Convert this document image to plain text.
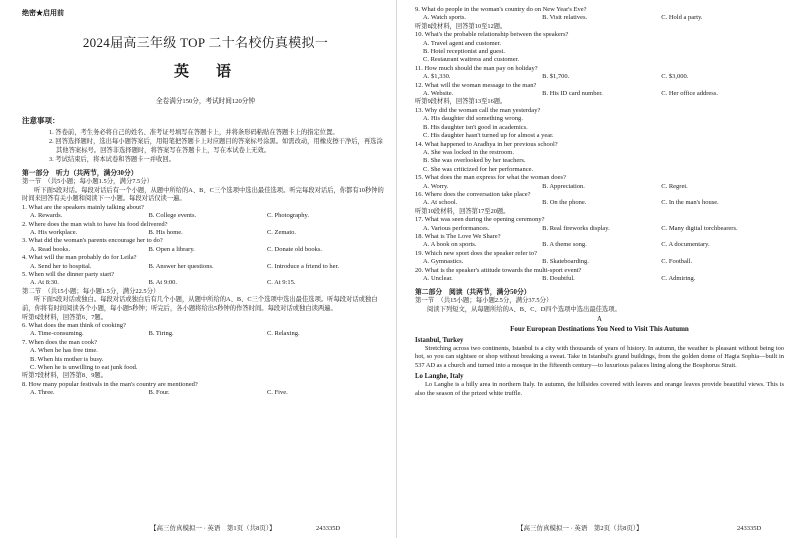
绝密★启用前

2024届高三年级 TOP 二十名校仿真模拟一

英　语

全卷满分150分，考试时间120分钟

注意事项：

1. 答卷前，考生务必将自己的姓名、准考证号填写在答题卡上，并将条形码粘贴在答题卡上的指定位置。

2. 回答选择题时，选出每小题答案后，用铅笔把答题卡上对应题目的答案标号涂黑。如需改动，用橡皮擦干净后，再选涂其他答案标号。回答非选择题时，将答案写在答题卡上，写在本试卷上无效。

3. 考试结束后，将本试卷和答题卡一并收回。

第一部分　听力（共两节，满分30分）

第一节　（共5小题；每小题1.5分，满分7.5分）

听下面5段对话。每段对话后有一个小题，从题中所给的A、B、C三个选项中选出最佳选项。听完每段对话后，你都有10秒钟的时间来回答有关小题和阅读下一小题。每段对话仅读一遍。

1. What are the speakers mainly talking about?

A. Rewards.	B. College events.	C. Photography.

2. Where does the man wish to have his food delivered?

A. His workplace.	B. His home.	C. Zemato.

3. What did the woman's parents encourage her to do?

A. Read books.	B. Open a library.	C. Donate old books.

4. What will the man probably do for Leila?

A. Send her to hospital.	B. Answer her questions.	C. Introduce a friend to her.

5. When will the dinner party start?

A. At 8:30.	B. At 9:00.	C. At 9:15.

第二节　（共15小题；每小题1.5分，满分22.5分）

听下面5段对话或独白。每段对话或独白后有几个小题，从题中所给的A、B、C三个选项中选出最佳选项。听每段对话或独白前，你将有时间阅读各个小题，每小题5秒钟；听完后，各小题将给出5秒钟的作答时间。每段对话或独白读两遍。

听第6段材料，回答第6、7题。

6. What does the man think of cooking?

A. Time-consuming.	B. Tiring.	C. Relaxing.

7. When does the man cook?

A. When he has free time.

B. When his mother is busy.

C. When he is unwilling to eat junk food.

听第7段材料，回答第8、9题。

8. How many popular festivals in the man's country are mentioned?

A. Three.	B. Four.	C. Five.
【高三仿真模拟一 · 英语　第1页（共8页）】	243335D

9. What do people in the woman's country do on New Year's Eve?

A. Watch sports.	B. Visit relatives.	C. Hold a party.

听第8段材料，回答第10至12题。

10. What's the probable relationship between the speakers?

A. Travel agent and customer.

B. Hotel receptionist and guest.

C. Restaurant waitress and customer.

11. How much should the man pay on holiday?

A. $1,330.	B. $1,700.	C. $3,000.

12. What will the woman message to the man?

A. Website.	B. His ID card number.	C. Her office address.

听第9段材料，回答第13至16题。

13. Why did the woman call the man yesterday?

A. His daughter did something wrong.

B. His daughter isn't good in academics.

C. His daughter hasn't turned up for almost a year.

14. What happened to Aradhya in her previous school?

A. She was locked in the restroom.

B. She was overlooked by her teachers.

C. She was criticized for her performance.

15. What does the man express for what the woman does?

A. Worry.	B. Appreciation.	C. Regret.

16. Where does the conversation take place?

A. At school.	B. On the phone.	C. In the man's house.

听第10段材料，回答第17至20题。

17. What was seen during the opening ceremony?

A. Various performances.	B. Real fireworks display.	C. Many digital torchbearers.

18. What is The Love We Share?

A. A book on sports.	B. A theme song.	C. A documentary.

19. Which new sport does the speaker refer to?

A. Gymnastics.	B. Skateboarding.	C. Football.

20. What is the speaker's attitude towards the multi-sport event?

A. Unclear.	B. Doubtful.	C. Admiring.

第二部分　阅读（共两节，满分50分）

第一节　（共15小题；每小题2.5分，满分37.5分）

阅读下列短文，从每题所给的A、B、C、D四个选项中选出最佳选项。

A

Four European Destinations You Need to Visit This Autumn

Istanbul, Turkey

Stretching across two continents, Istanbul is a city with thousands of years of history. In autumn, the weather is pleasant without being too hot, so you can sightsee or shop without breaking a sweat. Take in Istanbul's grand buildings, from the golden dome of Hagia Sophia—built in 537 AD as a church and turned into a mosque in the fifteenth century—to luxurious palaces lining along the Bosphorus Strait.

Lo Langhe, Italy

Lo Langhe is a hilly area in northern Italy. In autumn, the hillsides covered with leaves and orange leaves provide beautiful views. This is also the season of the prized white truffle.

【高三仿真模拟一 · 英语　第2页（共8页）】	243335D
